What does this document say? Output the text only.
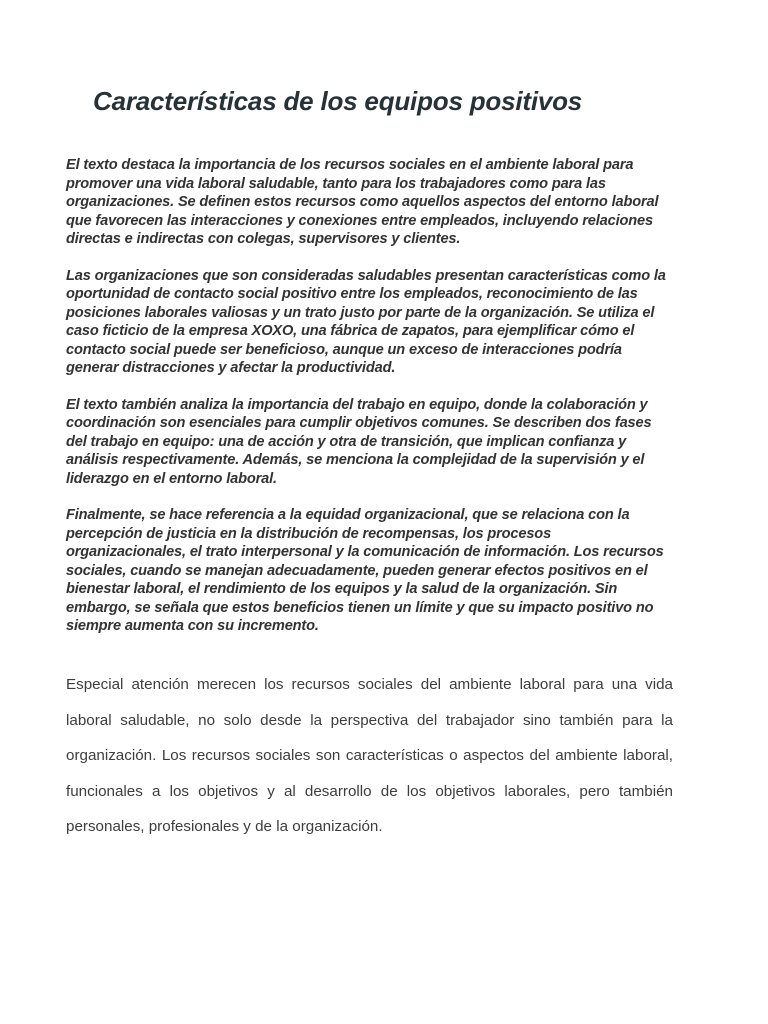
Características de los equipos positivos

El texto destaca la importancia de los recursos sociales en el ambiente laboral para promover una vida laboral saludable, tanto para los trabajadores como para las organizaciones. Se definen estos recursos como aquellos aspectos del entorno laboral que favorecen las interacciones y conexiones entre empleados, incluyendo relaciones directas e indirectas con colegas, supervisores y clientes.

Las organizaciones que son consideradas saludables presentan características como la oportunidad de contacto social positivo entre los empleados, reconocimiento de las posiciones laborales valiosas y un trato justo por parte de la organización. Se utiliza el caso ficticio de la empresa XOXO, una fábrica de zapatos, para ejemplificar cómo el contacto social puede ser beneficioso, aunque un exceso de interacciones podría generar distracciones y afectar la productividad.

El texto también analiza la importancia del trabajo en equipo, donde la colaboración y coordinación son esenciales para cumplir objetivos comunes. Se describen dos fases del trabajo en equipo: una de acción y otra de transición, que implican confianza y análisis respectivamente. Además, se menciona la complejidad de la supervisión y el liderazgo en el entorno laboral.

Finalmente, se hace referencia a la equidad organizacional, que se relaciona con la percepción de justicia en la distribución de recompensas, los procesos organizacionales, el trato interpersonal y la comunicación de información. Los recursos sociales, cuando se manejan adecuadamente, pueden generar efectos positivos en el bienestar laboral, el rendimiento de los equipos y la salud de la organización. Sin embargo, se señala que estos beneficios tienen un límite y que su impacto positivo no siempre aumenta con su incremento.

Especial atención merecen los recursos sociales del ambiente laboral para una vida laboral saludable, no solo desde la perspectiva del trabajador sino también para la organización. Los recursos sociales son características o aspectos del ambiente laboral, funcionales a los objetivos y al desarrollo de los objetivos laborales, pero también personales, profesionales y de la organización.
